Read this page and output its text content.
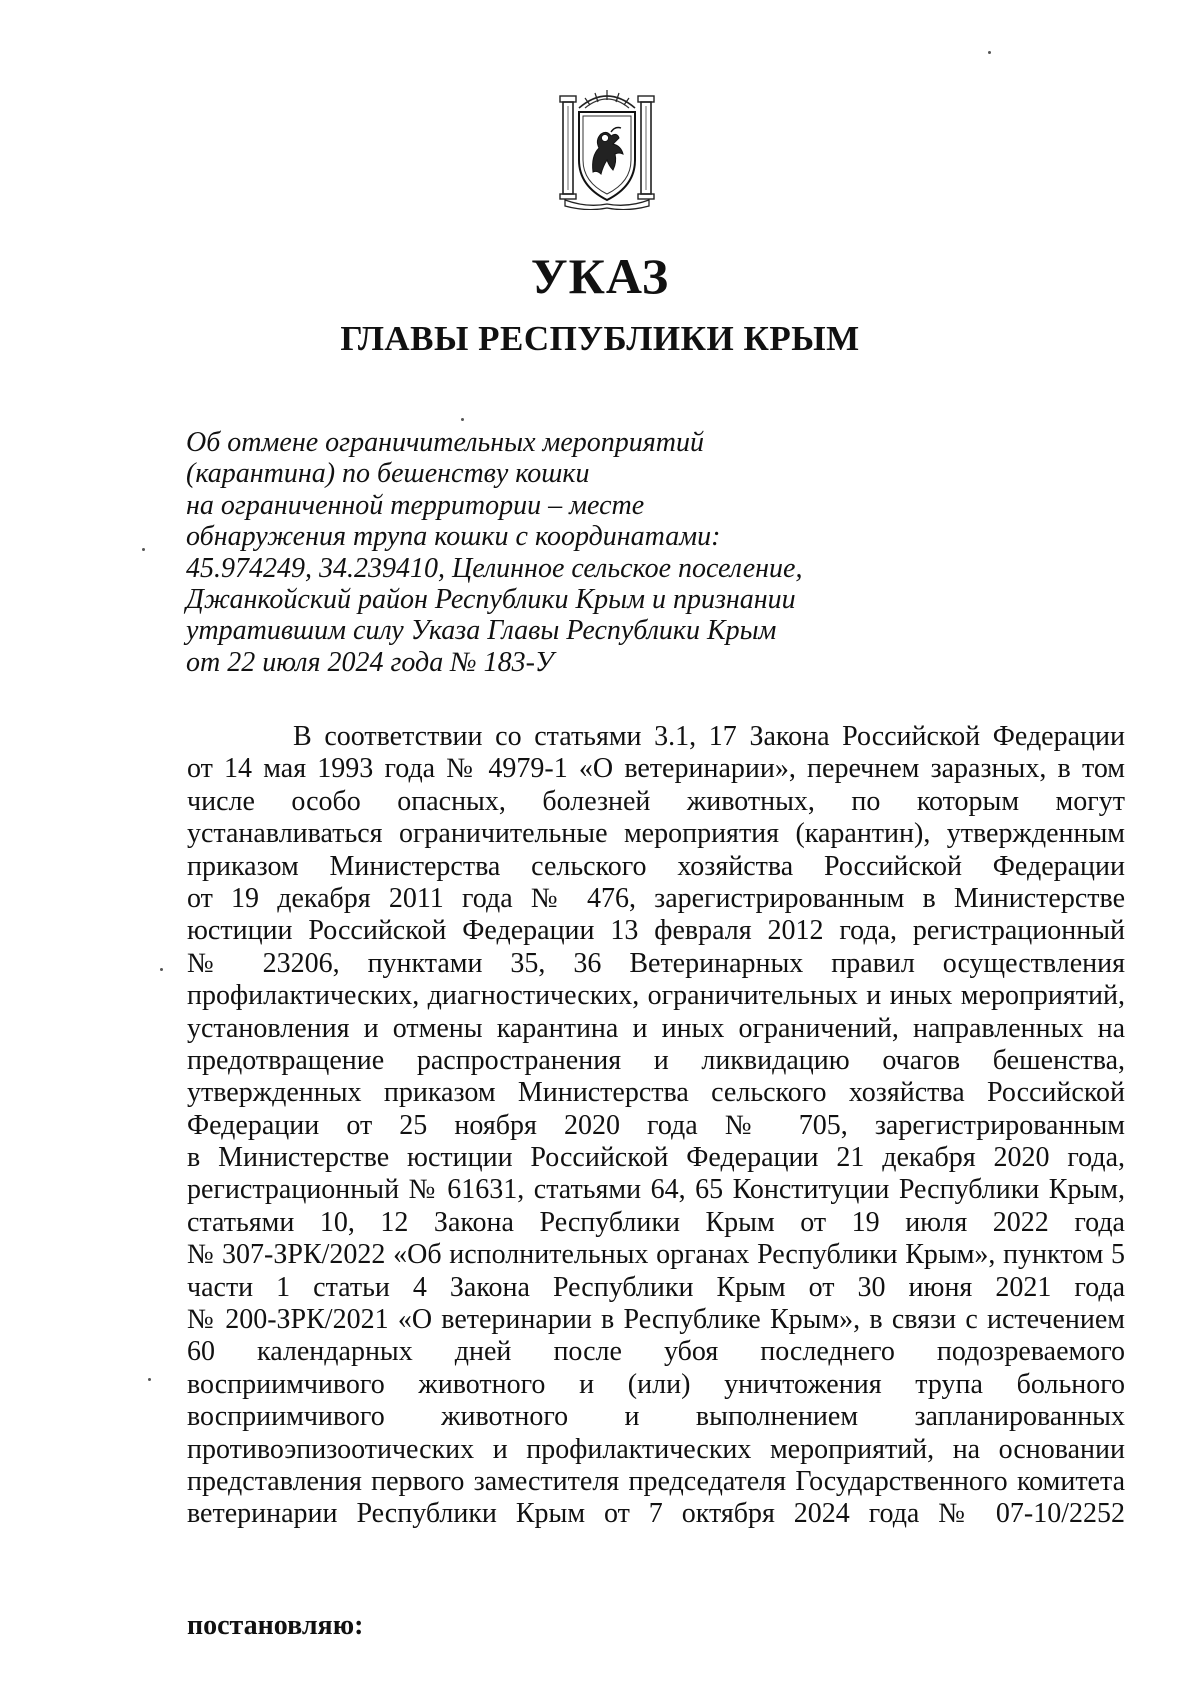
УКАЗ
ГЛАВЫ РЕСПУБЛИКИ КРЫМ
Об отмене ограничительных мероприятий
(карантина) по бешенству кошки
на ограниченной территории – месте
обнаружения трупа кошки с координатами:
45.974249, 34.239410, Целинное сельское поселение,
Джанкойский район Республики Крым и признании
утратившим силу Указа Главы Республики Крым
от 22 июля 2024 года № 183-У
В соответствии со статьями 3.1, 17 Закона Российской Федерации
от 14 мая 1993 года № 4979-1 «О ветеринарии», перечнем заразных, в том
числе особо опасных, болезней животных, по которым могут
устанавливаться ограничительные мероприятия (карантин), утвержденным
приказом Министерства сельского хозяйства Российской Федерации
от 19 декабря 2011 года № 476, зарегистрированным в Министерстве
юстиции Российской Федерации 13 февраля 2012 года, регистрационный
№ 23206, пунктами 35, 36 Ветеринарных правил осуществления
профилактических, диагностических, ограничительных и иных мероприятий,
установления и отмены карантина и иных ограничений, направленных на
предотвращение распространения и ликвидацию очагов бешенства,
утвержденных приказом Министерства сельского хозяйства Российской
Федерации от 25 ноября 2020 года № 705, зарегистрированным
в Министерстве юстиции Российской Федерации 21 декабря 2020 года,
регистрационный № 61631, статьями 64, 65 Конституции Республики Крым,
статьями 10, 12 Закона Республики Крым от 19 июля 2022 года
№ 307-ЗРК/2022 «Об исполнительных органах Республики Крым», пунктом 5
части 1 статьи 4 Закона Республики Крым от 30 июня 2021 года
№ 200-ЗРК/2021 «О ветеринарии в Республике Крым», в связи с истечением
60 календарных дней после убоя последнего подозреваемого
восприимчивого животного и (или) уничтожения трупа больного
восприимчивого животного и выполнением запланированных
противоэпизоотических и профилактических мероприятий, на основании
представления первого заместителя председателя Государственного комитета
ветеринарии Республики Крым от 7 октября 2024 года № 07-10/2252
постановляю:
